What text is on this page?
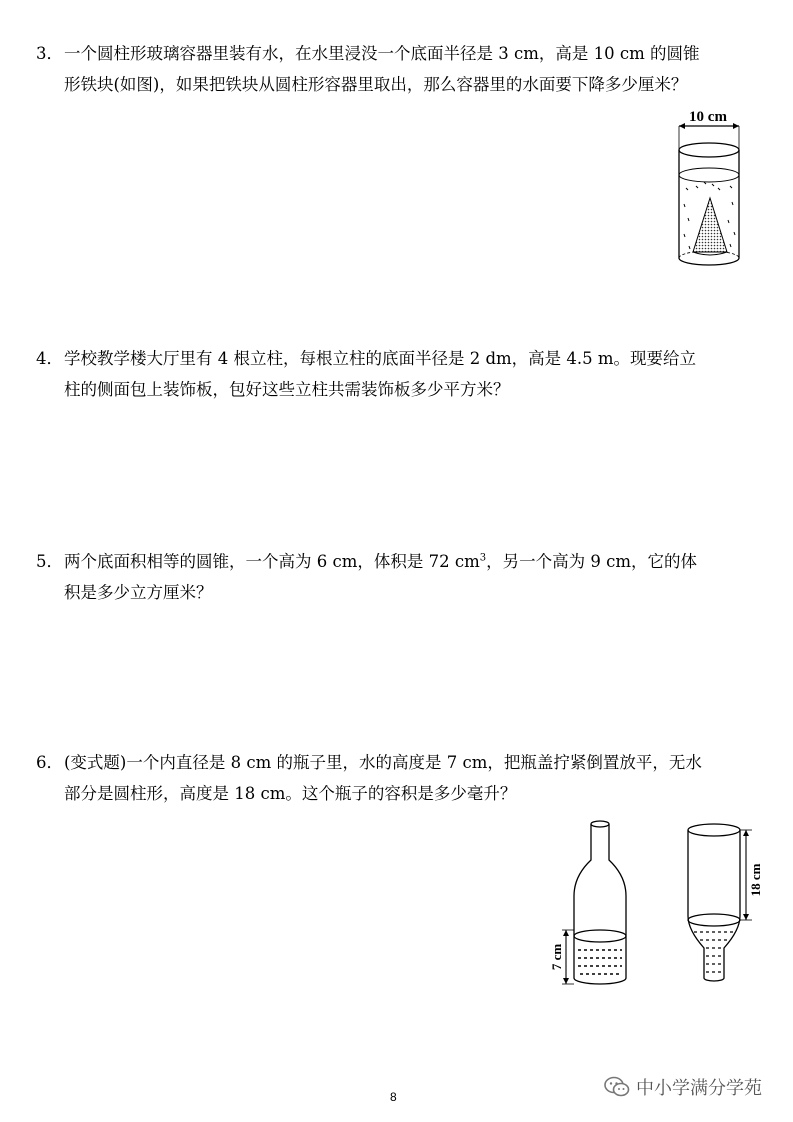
3．一个圆柱形玻璃容器里装有水，在水里浸没一个底面半径是 3 cm，高是 10 cm 的圆锥
形铁块(如图)，如果把铁块从圆柱形容器里取出，那么容器里的水面要下降多少厘米？
10 cm
4．学校教学楼大厅里有 4 根立柱，每根立柱的底面半径是 2 dm，高是 4.5 m。现要给立
柱的侧面包上装饰板，包好这些立柱共需装饰板多少平方米？
5．两个底面积相等的圆锥，一个高为 6 cm，体积是 72 $cm^3$，另一个高为 9 cm，它的体
积是多少立方厘米？
6．(变式题)一个内直径是 8 cm 的瓶子里，水的高度是 7 cm，把瓶盖拧紧倒置放平，无水
部分是圆柱形，高度是 18 cm。这个瓶子的容积是多少毫升？
7 cm
18 cm
8	中小学满分学苑
